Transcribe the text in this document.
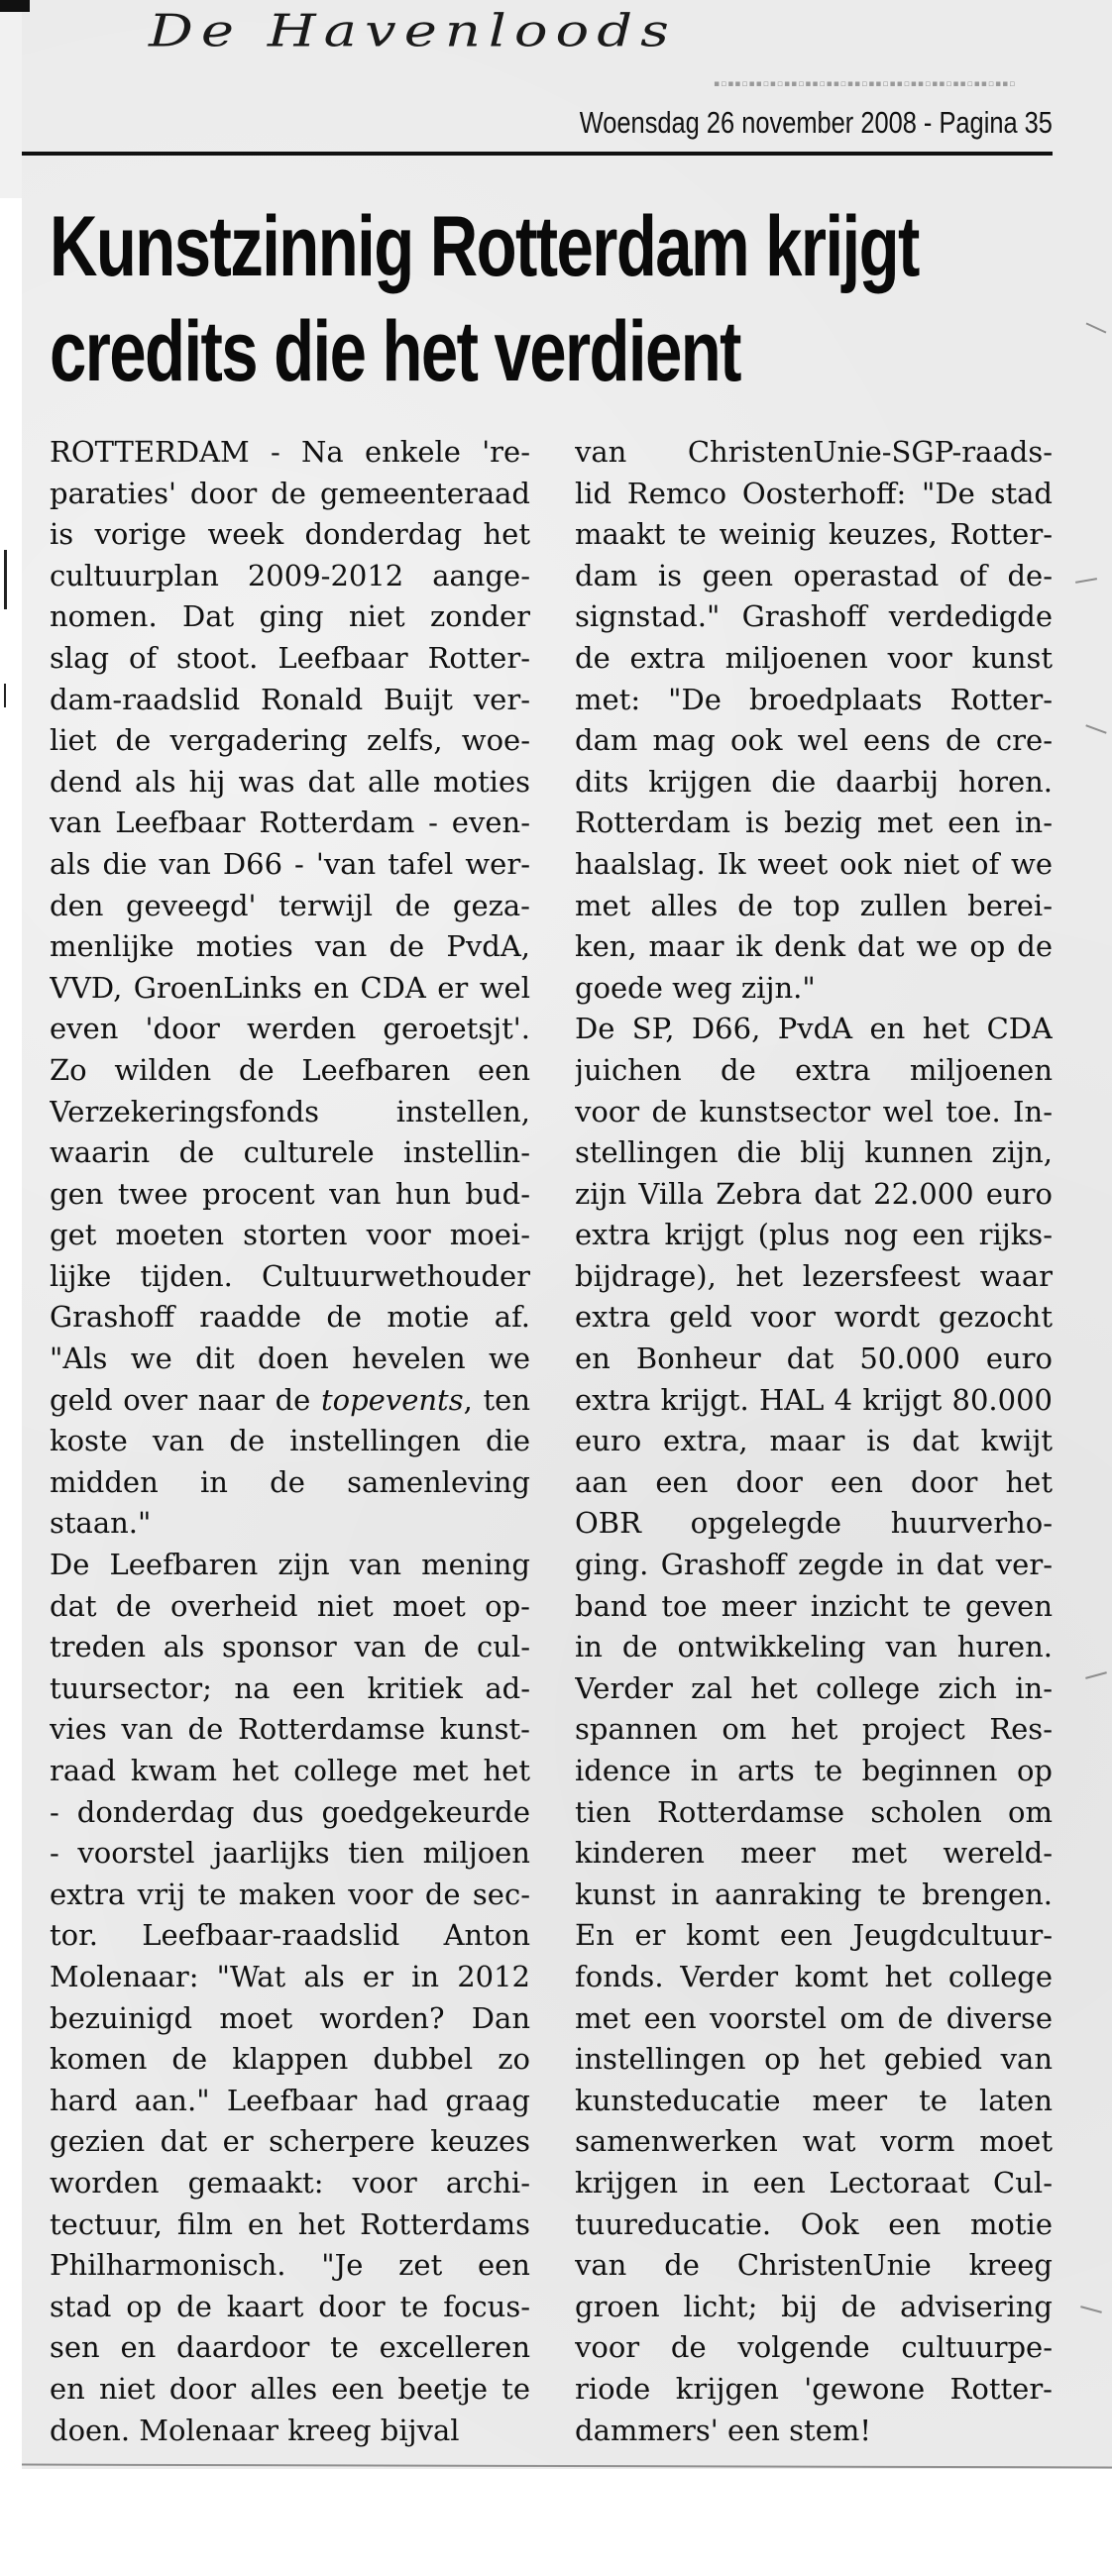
De Havenloods
▪▫▪▪▫▪▪▫▪▫▪▪▫▪▪▫▪▪▫▪▪▫▪▪▫▪▪▫▪▪▫▪▪▫▪▪▫▪▪▫▪▪▫
Woensdag 26 november 2008 - Pagina 35
Kunstzinnig Rotterdam krijgt
credits die het verdient
ROTTERDAM - Na enkele 're-
paraties' door de gemeenteraad
is vorige week donderdag het
cultuurplan 2009-2012 aange-
nomen. Dat ging niet zonder
slag of stoot. Leefbaar Rotter-
dam-raadslid Ronald Buijt ver-
liet de vergadering zelfs, woe-
dend als hij was dat alle moties
van Leefbaar Rotterdam - even-
als die van D66 - 'van tafel wer-
den geveegd' terwijl de geza-
menlijke moties van de PvdA,
VVD, GroenLinks en CDA er wel
even 'door werden geroetsjt'.
Zo wilden de Leefbaren een
Verzekeringsfonds instellen,
waarin de culturele instellin-
gen twee procent van hun bud-
get moeten storten voor moei-
lijke tijden. Cultuurwethouder
Grashoff raadde de motie af.
"Als we dit doen hevelen we
geld over naar de topevents, ten
koste van de instellingen die
midden in de samenleving
staan."
De Leefbaren zijn van mening
dat de overheid niet moet op-
treden als sponsor van de cul-
tuursector; na een kritiek ad-
vies van de Rotterdamse kunst-
raad kwam het college met het
- donderdag dus goedgekeurde
- voorstel jaarlijks tien miljoen
extra vrij te maken voor de sec-
tor. Leefbaar-raadslid Anton
Molenaar: "Wat als er in 2012
bezuinigd moet worden? Dan
komen de klappen dubbel zo
hard aan." Leefbaar had graag
gezien dat er scherpere keuzes
worden gemaakt: voor archi-
tectuur, film en het Rotterdams
Philharmonisch. "Je zet een
stad op de kaart door te focus-
sen en daardoor te excelleren
en niet door alles een beetje te
doen. Molenaar kreeg bijval
van ChristenUnie-SGP-raads-
lid Remco Oosterhoff: "De stad
maakt te weinig keuzes, Rotter-
dam is geen operastad of de-
signstad." Grashoff verdedigde
de extra miljoenen voor kunst
met: "De broedplaats Rotter-
dam mag ook wel eens de cre-
dits krijgen die daarbij horen.
Rotterdam is bezig met een in-
haalslag. Ik weet ook niet of we
met alles de top zullen berei-
ken, maar ik denk dat we op de
goede weg zijn."
De SP, D66, PvdA en het CDA
juichen de extra miljoenen
voor de kunstsector wel toe. In-
stellingen die blij kunnen zijn,
zijn Villa Zebra dat 22.000 euro
extra krijgt (plus nog een rijks-
bijdrage), het lezersfeest waar
extra geld voor wordt gezocht
en Bonheur dat 50.000 euro
extra krijgt. HAL 4 krijgt 80.000
euro extra, maar is dat kwijt
aan een door een door het
OBR opgelegde huurverho-
ging. Grashoff zegde in dat ver-
band toe meer inzicht te geven
in de ontwikkeling van huren.
Verder zal het college zich in-
spannen om het project Res-
idence in arts te beginnen op
tien Rotterdamse scholen om
kinderen meer met wereld-
kunst in aanraking te brengen.
En er komt een Jeugdcultuur-
fonds. Verder komt het college
met een voorstel om de diverse
instellingen op het gebied van
kunsteducatie meer te laten
samenwerken wat vorm moet
krijgen in een Lectoraat Cul-
tuureducatie. Ook een motie
van de ChristenUnie kreeg
groen licht; bij de advisering
voor de volgende cultuurpe-
riode krijgen 'gewone Rotter-
dammers' een stem!
